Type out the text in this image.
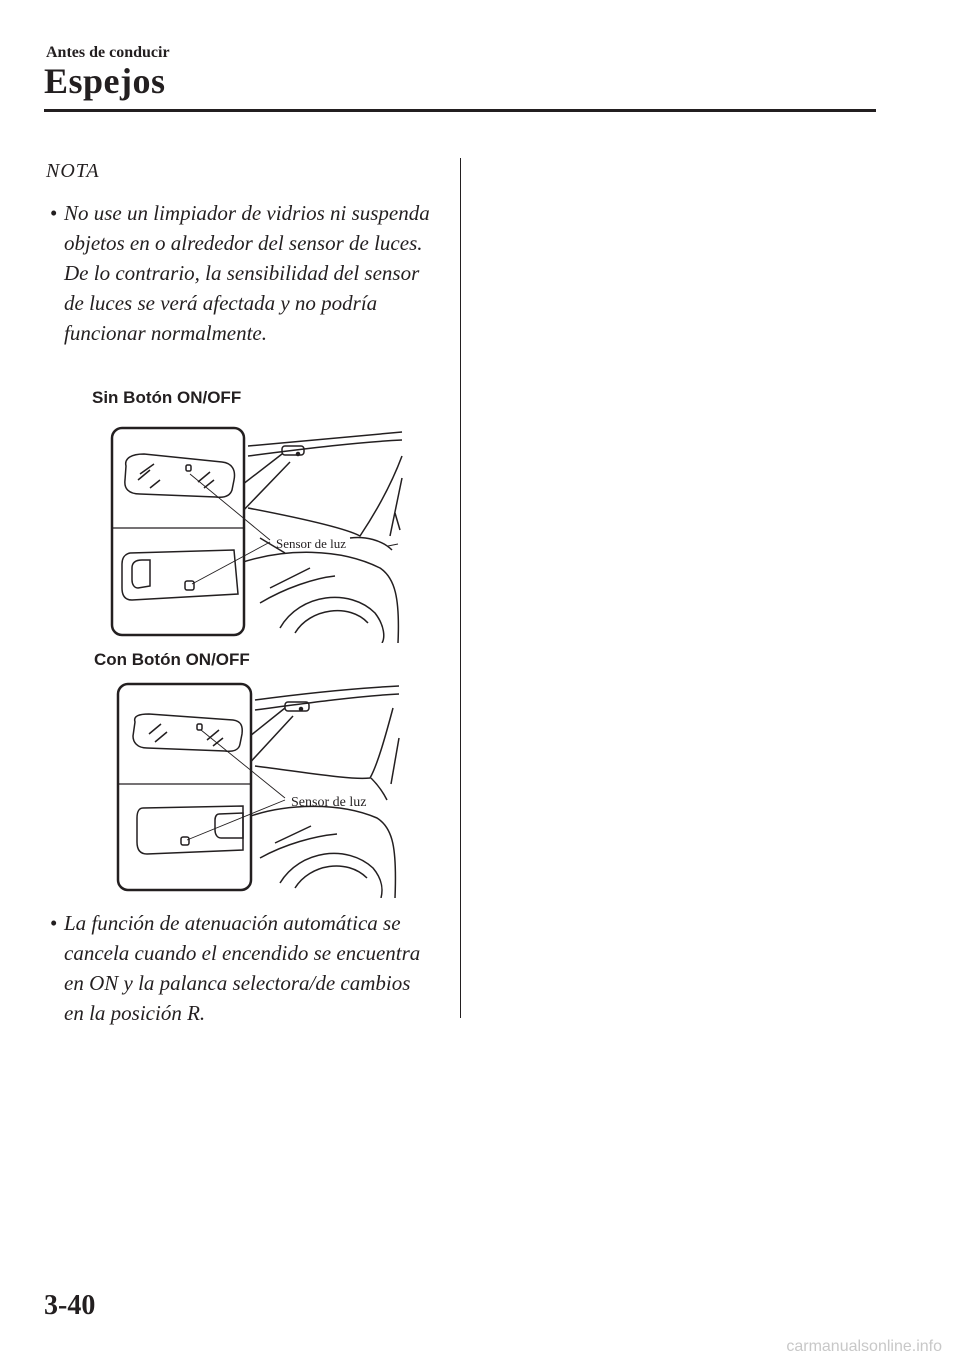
Antes de conducir
Espejos
NOTA
• No use un limpiador de vidrios ni suspenda objetos en o alrededor del sensor de luces. De lo contrario, la sensibilidad del sensor de luces se verá afectada y no podría funcionar normalmente.
Sin Botón ON/OFF
Sensor de luz
Con Botón ON/OFF
Sensor de luz
• La función de atenuación automática se cancela cuando el encendido se encuentra en ON y la palanca selectora/de cambios en la posición R.
3-40
carmanualsonline.info
